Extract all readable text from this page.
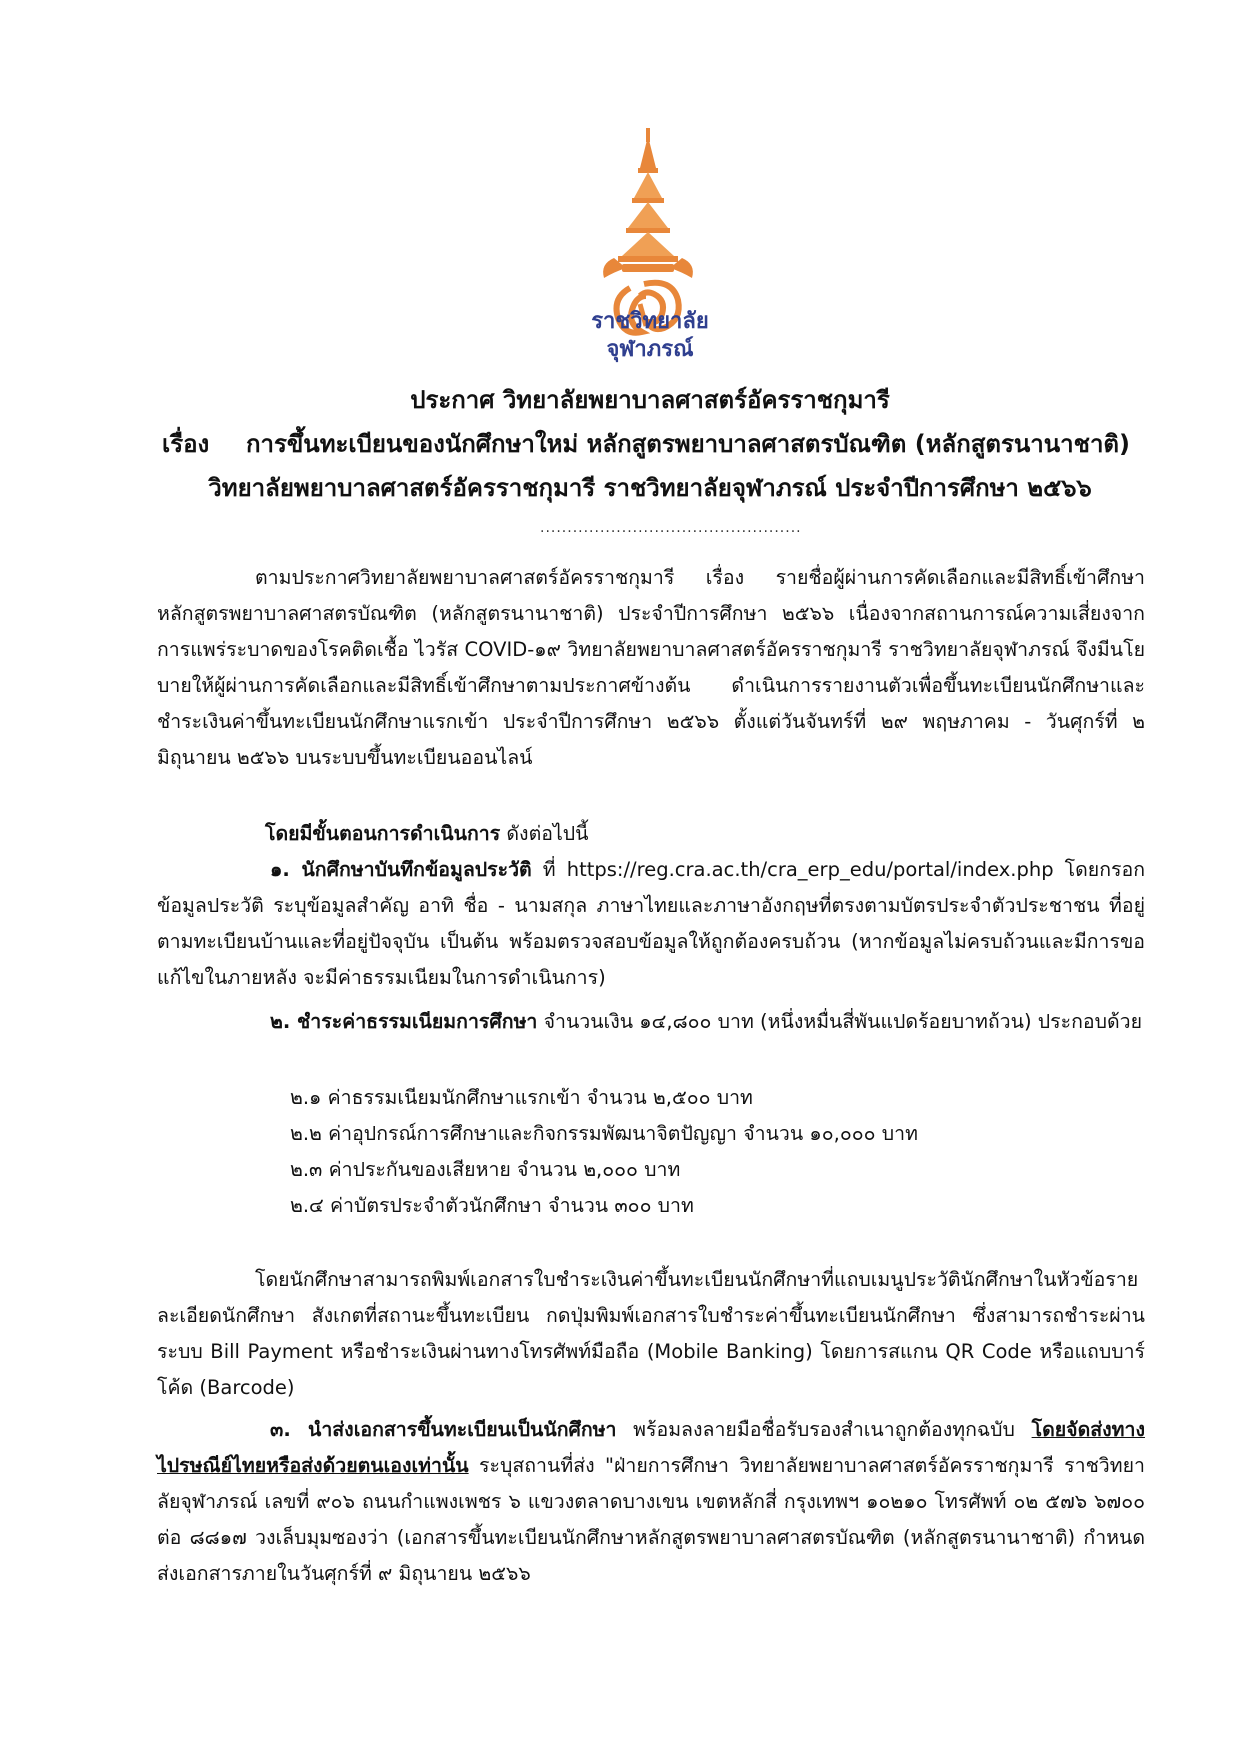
ราชวิทยาลัย
จุฬาภรณ์
ประกาศ วิทยาลัยพยาบาลศาสตร์อัครราชกุมารี
เรื่อง การขึ้นทะเบียนของนักศึกษาใหม่ หลักสูตรพยาบาลศาสตรบัณฑิต (หลักสูตรนานาชาติ)
วิทยาลัยพยาบาลศาสตร์อัครราชกุมารี ราชวิทยาลัยจุฬาภรณ์ ประจำปีการศึกษา ๒๕๖๖
................................................
ตามประกาศวิทยาลัยพยาบาลศาสตร์อัครราชกุมารี เรื่อง รายชื่อผู้ผ่านการคัดเลือกและมีสิทธิ์เข้าศึกษา หลักสูตรพยาบาลศาสตรบัณฑิต (หลักสูตรนานาชาติ) ประจำปีการศึกษา ๒๕๖๖ เนื่องจากสถานการณ์ความเสี่ยงจากการแพร่ระบาดของโรคติดเชื้อ ไวรัส COVID-๑๙ วิทยาลัยพยาบาลศาสตร์อัครราชกุมารี ราชวิทยาลัยจุฬาภรณ์ จึงมีนโยบายให้ผู้ผ่านการคัดเลือกและมีสิทธิ์เข้าศึกษาตามประกาศข้างต้น ดำเนินการรายงานตัวเพื่อขึ้นทะเบียนนักศึกษาและชำระเงินค่าขึ้นทะเบียนนักศึกษาแรกเข้า ประจำปีการศึกษา ๒๕๖๖ ตั้งแต่วันจันทร์ที่ ๒๙ พฤษภาคม - วันศุกร์ที่ ๒ มิถุนายน ๒๕๖๖ บนระบบขึ้นทะเบียนออนไลน์
โดยมีขั้นตอนการดำเนินการ ดังต่อไปนี้
๑. นักศึกษาบันทึกข้อมูลประวัติ ที่ https://reg.cra.ac.th/cra_erp_edu/portal/index.php โดยกรอกข้อมูลประวัติ ระบุข้อมูลสำคัญ อาทิ ชื่อ - นามสกุล ภาษาไทยและภาษาอังกฤษที่ตรงตามบัตรประจำตัวประชาชน ที่อยู่ตามทะเบียนบ้านและที่อยู่ปัจจุบัน เป็นต้น พร้อมตรวจสอบข้อมูลให้ถูกต้องครบถ้วน (หากข้อมูลไม่ครบถ้วนและมีการขอแก้ไขในภายหลัง จะมีค่าธรรมเนียมในการดำเนินการ)
๒. ชำระค่าธรรมเนียมการศึกษา จำนวนเงิน ๑๔,๘๐๐ บาท (หนึ่งหมื่นสี่พันแปดร้อยบาทถ้วน) ประกอบด้วย
๒.๑ ค่าธรรมเนียมนักศึกษาแรกเข้า จำนวน ๒,๕๐๐ บาท
๒.๒ ค่าอุปกรณ์การศึกษาและกิจกรรมพัฒนาจิตปัญญา จำนวน ๑๐,๐๐๐ บาท
๒.๓ ค่าประกันของเสียหาย จำนวน ๒,๐๐๐ บาท
๒.๔ ค่าบัตรประจำตัวนักศึกษา จำนวน ๓๐๐ บาท
โดยนักศึกษาสามารถพิมพ์เอกสารใบชำระเงินค่าขึ้นทะเบียนนักศึกษาที่แถบเมนูประวัตินักศึกษาในหัวข้อรายละเอียดนักศึกษา สังเกตที่สถานะขึ้นทะเบียน กดปุ่มพิมพ์เอกสารใบชำระค่าขึ้นทะเบียนนักศึกษา ซึ่งสามารถชำระผ่านระบบ Bill Payment หรือชำระเงินผ่านทางโทรศัพท์มือถือ (Mobile Banking) โดยการสแกน QR Code หรือแถบบาร์โค้ด (Barcode)
๓. นำส่งเอกสารขึ้นทะเบียนเป็นนักศึกษา พร้อมลงลายมือชื่อรับรองสำเนาถูกต้องทุกฉบับ โดยจัดส่งทางไปรษณีย์ไทยหรือส่งด้วยตนเองเท่านั้น ระบุสถานที่ส่ง "ฝ่ายการศึกษา วิทยาลัยพยาบาลศาสตร์อัครราชกุมารี ราชวิทยาลัยจุฬาภรณ์ เลขที่ ๙๐๖ ถนนกำแพงเพชร ๖ แขวงตลาดบางเขน เขตหลักสี่ กรุงเทพฯ ๑๐๒๑๐ โทรศัพท์ ๐๒ ๕๗๖ ๖๗๐๐ ต่อ ๘๘๑๗ วงเล็บมุมซองว่า (เอกสารขึ้นทะเบียนนักศึกษาหลักสูตรพยาบาลศาสตรบัณฑิต (หลักสูตรนานาชาติ) กำหนดส่งเอกสารภายในวันศุกร์ที่ ๙ มิถุนายน ๒๕๖๖
